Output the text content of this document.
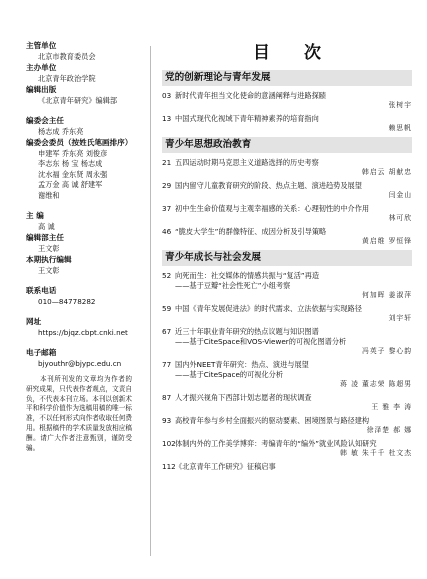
主管单位
北京市教育委员会
主办单位
北京青年政治学院
编辑出版
《北京青年研究》编辑部
编委会主任
杨志成 乔东亮
编委会委员（按姓氏笔画排序）
申建军 乔东亮 刘俊彦
李志东 杨 宝 杨志成
沈水福 金东贤 周永强
孟万金 高 诚 舒建军
谢维和
主 编
高 诚
编辑部主任
王文彰
本期执行编辑
王文彰
联系电话
010—84778282
网址
https://bjqz.cbpt.cnki.net
电子邮箱
bjyouthr@bjypc.edu.cn
本刊所刊发的文章均为作者的研究成果，只代表作者观点，文责自负，不代表本刊立场。本刊以创新术平和科学价值作为选稿用稿的唯一标准，不以任何形式向作者收取任何费用。根据稿件的学术质量发放相应稿酬。请广大作者注意甄别，谨防受骗。
目 次
党的创新理论与青年发展
03 新时代青年担当文化使命的意涵阐释与进路探赜
张树宇
13 中国式现代化视域下青年精神素养的培育指向
赖思帆
青少年思想政治教育
21 五四运动时期马克思主义道路选择的历史考察
韩启云 胡献忠
29 国内留守儿童教育研究的阶段、热点主题、演进趋势及展望
闫金山
37 初中生生命价值观与主观幸福感的关系：心理韧性的中介作用
林可欣
46 “脆皮大学生”的群像特征、成因分析及引导策略
黄启维 罗恒锋
青少年成长与社会发展
52 向死而生：社交媒体的情感共振与“复活”再造
——基于豆瓣“社会性死亡”小组考察
何加晖 姜淑萍
59 中国《青年发展促进法》的时代需求、立法依据与实现路径
刘宇轩
67 近三十年职业青年研究的热点议题与知识图谱
——基于CiteSpace和VOS-Viewer的可视化图谱分析
冯英子 黎心韵
77 国内外NEET青年研究：热点、演进与展望
——基于CiteSpace的可视化分析
蒋 凌 董志荣 陈超男
87 人才振兴视角下西部计划志愿者的现状调查
王 雅 李 涛
93 高校青年参与乡村全面振兴的驱动要素、困境图景与路径建构
徐泽楚 郝 娜
102体制内外的工作美学博弈：考编青年的“编外”就业风险认知研究
韩 敏 朱千千 杜文杰
112《北京青年工作研究》征稿启事
